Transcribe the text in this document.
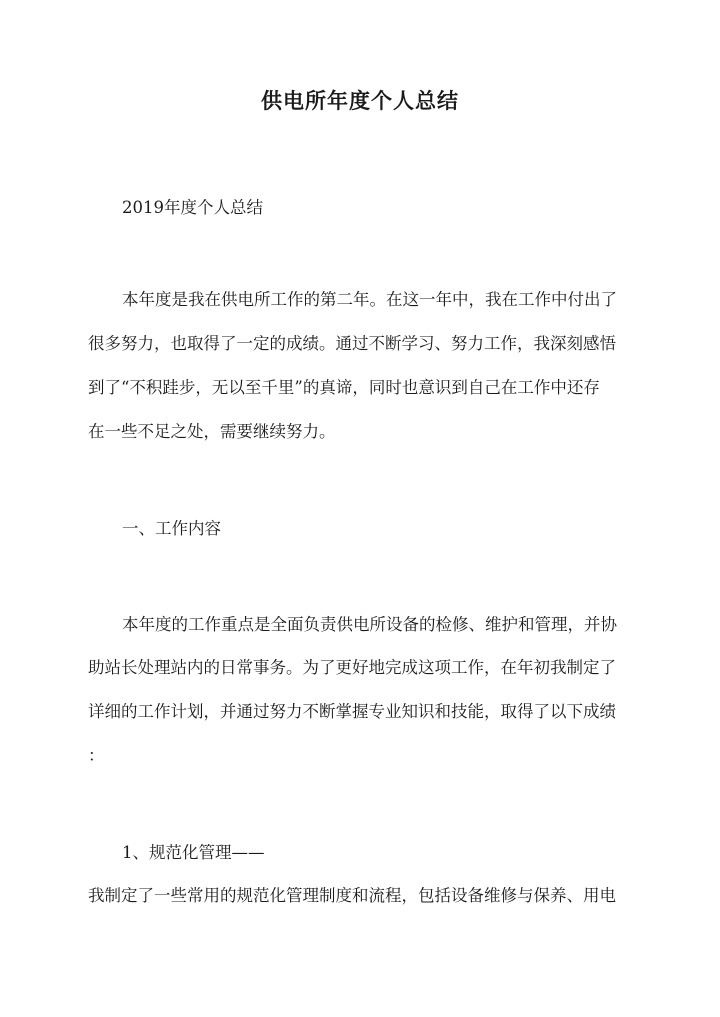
供电所年度个人总结
2019年度个人总结
本年度是我在供电所工作的第二年。在这一年中，我在工作中付出了
很多努力，也取得了一定的成绩。通过不断学习、努力工作，我深刻感悟
到了“不积跬步，无以至千里”的真谛，同时也意识到自己在工作中还存
在一些不足之处，需要继续努力。
一、工作内容
本年度的工作重点是全面负责供电所设备的检修、维护和管理，并协
助站长处理站内的日常事务。为了更好地完成这项工作，在年初我制定了
详细的工作计划，并通过努力不断掌握专业知识和技能，取得了以下成绩
：
1、规范化管理——
我制定了一些常用的规范化管理制度和流程，包括设备维修与保养、用电
